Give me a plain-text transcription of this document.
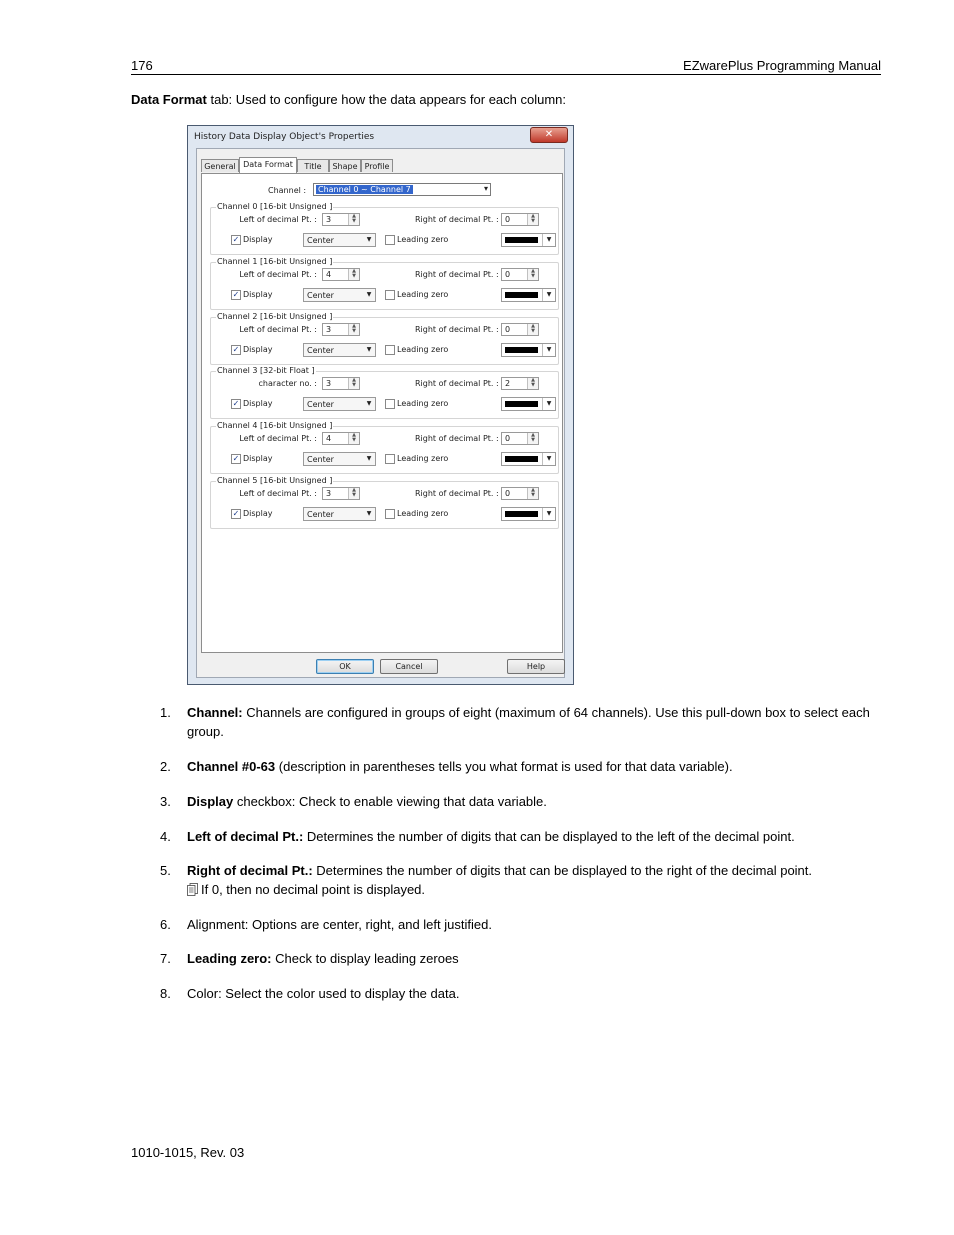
176	EZwarePlus Programming Manual
Data Format tab: Used to configure how the data appears for each column:
History Data Display Object's Properties	✕
General Data Format	Title	Shape Profile
Channel : Channel 0 ~ Channel 7	▾
Channel 0 [16-bit Unsigned ]
Left of decimal Pt. : 3	▲
▼	Right of decimal Pt. : 0	▲
▼
✓ Display	Center	▼	Leading zero	▼
Channel 1 [16-bit Unsigned ]
Left of decimal Pt. : 4	▲
▼	Right of decimal Pt. : 0	▲
▼
✓ Display	Center	▼	Leading zero	▼
Channel 2 [16-bit Unsigned ]
Left of decimal Pt. : 3	▲
▼	Right of decimal Pt. : 0	▲
▼
✓ Display	Center	▼	Leading zero	▼
Channel 3 [32-bit Float ]
character no. : 3	▲
▼	Right of decimal Pt. : 2	▲
▼
✓ Display	Center	▼	Leading zero	▼
Channel 4 [16-bit Unsigned ]
Left of decimal Pt. : 4	▲
▼	Right of decimal Pt. : 0	▲
▼
✓ Display	Center	▼	Leading zero	▼
Channel 5 [16-bit Unsigned ]
Left of decimal Pt. : 3	▲
▼	Right of decimal Pt. : 0	▲
▼
✓ Display	Center	▼	Leading zero	▼
OK	Cancel	Help
1. Channel: Channels are configured in groups of eight (maximum of 64 channels). Use this pull-down box to select each group.
2. Channel #0-63 (description in parentheses tells you what format is used for that data variable).
3. Display checkbox: Check to enable viewing that data variable.
4. Left of decimal Pt.: Determines the number of digits that can be displayed to the left of the decimal point.
5. Right of decimal Pt.: Determines the number of digits that can be displayed to the right of the decimal point.
If 0, then no decimal point is displayed.
6. Alignment: Options are center, right, and left justified.
7. Leading zero: Check to display leading zeroes
8. Color: Select the color used to display the data.
1010-1015, Rev. 03
